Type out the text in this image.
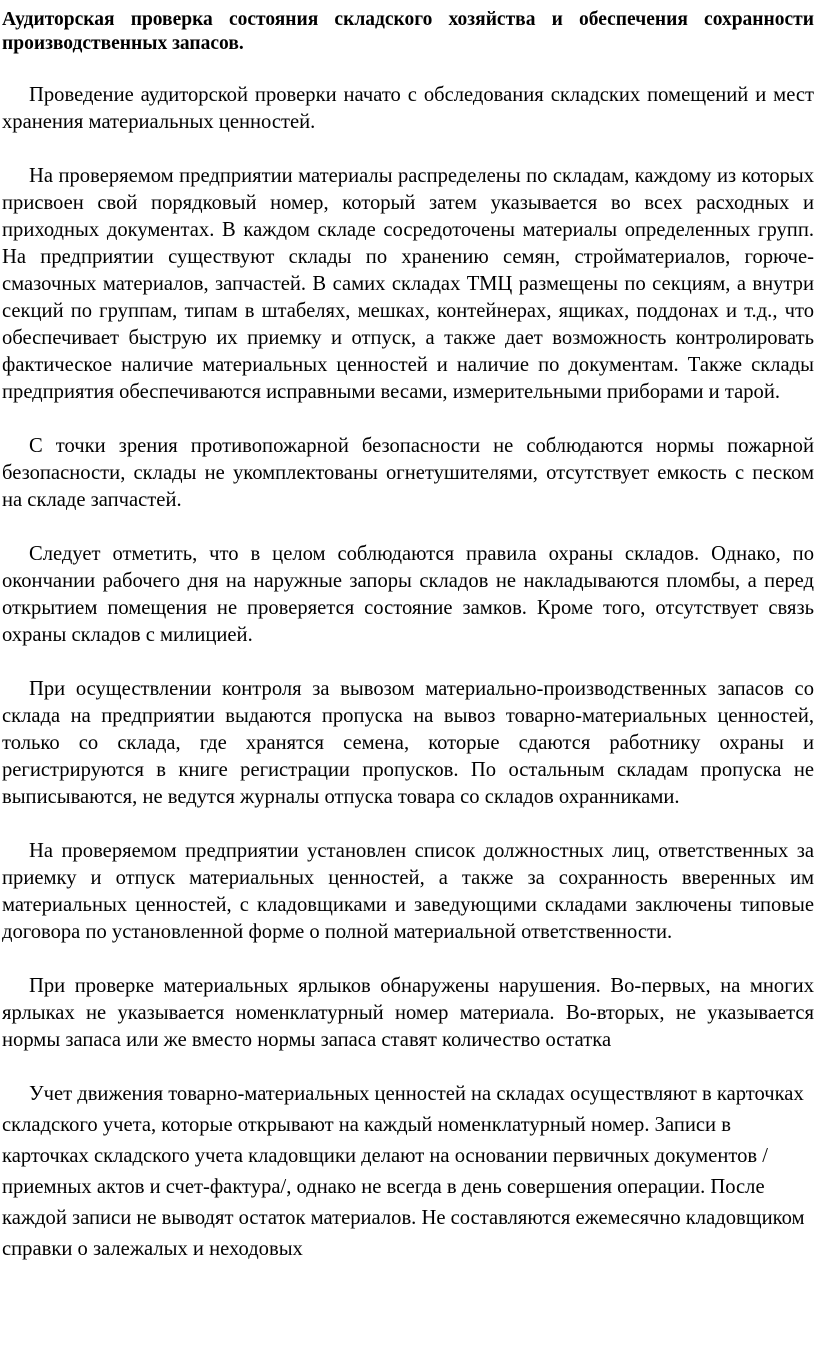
Аудиторская проверка состояния складского хозяйства и обеспечения сохранности производственных запасов.

Проведение аудиторской проверки начато с обследования складских помещений и мест хранения материальных ценностей.

На проверяемом предприятии материалы распределены по складам, каждому из которых присвоен свой порядковый номер, который затем указывается во всех расходных и приходных документах. В каждом складе сосредоточены материалы определенных групп. На предприятии существуют склады по хранению семян, стройматериалов, горюче-смазочных материалов, запчастей. В самих складах ТМЦ размещены по секциям, а внутри секций по группам, типам в штабелях, мешках, контейнерах, ящиках, поддонах и т.д., что обеспечивает быструю их приемку и отпуск, а также дает возможность контролировать фактическое наличие материальных ценностей и наличие по документам. Также склады предприятия обеспечиваются исправными весами, измерительными приборами и тарой.

С точки зрения противопожарной безопасности не соблюдаются нормы пожарной безопасности, склады не укомплектованы огнетушителями, отсутствует емкость с песком на складе запчастей.

Следует отметить, что в целом соблюдаются правила охраны складов. Однако, по окончании рабочего дня на наружные запоры складов не накладываются пломбы, а перед открытием помещения не проверяется состояние замков. Кроме того, отсутствует связь охраны складов с милицией.

При осуществлении контроля за вывозом материально-производственных запасов со склада на предприятии выдаются пропуска на вывоз товарно-материальных ценностей, только со склада, где хранятся семена, которые сдаются работнику охраны и регистрируются в книге регистрации пропусков. По остальным складам пропуска не выписываются, не ведутся журналы отпуска товара со складов охранниками.

На проверяемом предприятии установлен список должностных лиц, ответственных за приемку и отпуск материальных ценностей, а также за сохранность вверенных им материальных ценностей, с кладовщиками и заведующими складами заключены типовые договора по установленной форме о полной материальной ответственности.

При проверке материальных ярлыков обнаружены нарушения. Во-первых, на многих ярлыках не указывается номенклатурный номер материала. Во-вторых, не указывается нормы запаса или же вместо нормы запаса ставят количество остатка

Учет движения товарно-материальных ценностей на складах осуществляют в карточках складского учета, которые открывают на каждый номенклатурный номер. Записи в карточках складского учета кладовщики делают на основании первичных документов /приемных актов и счет-фактура/, однако не всегда в день совершения операции. После каждой записи не выводят остаток материалов. Не составляются ежемесячно кладовщиком справки о залежалых и неходовых
